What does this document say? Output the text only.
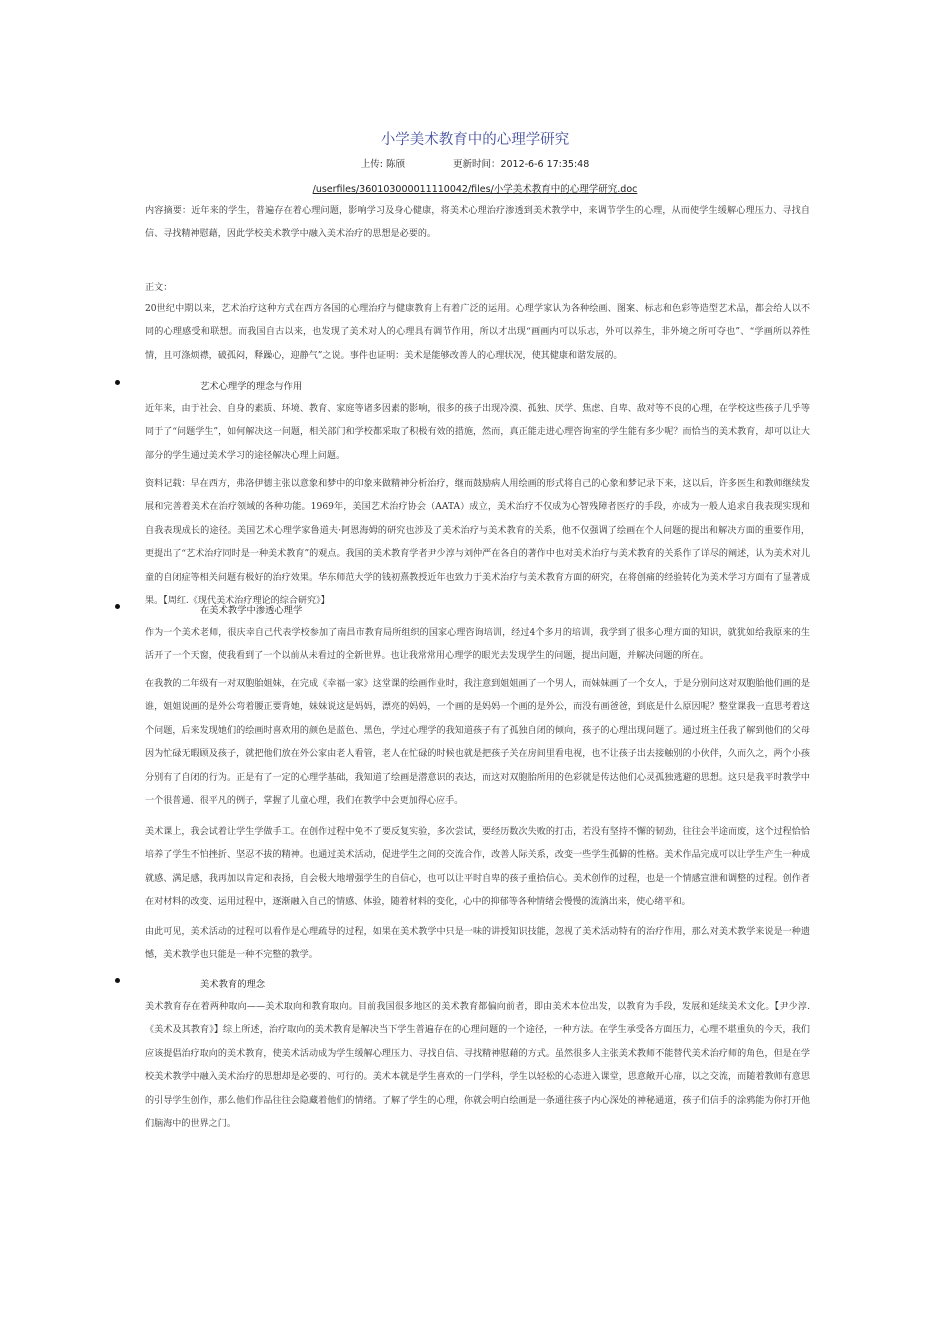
小学美术教育中的心理学研究
上传: 陈颀	更新时间：2012-6-6 17:35:48
/userfiles/360103000011110042/files/小学美术教育中的心理学研究.doc
内容摘要：近年来的学生，普遍存在着心理问题，影响学习及身心健康，将美术心理治疗渗透到美术教学中，来调节学生的心理，从而使学生缓解心理压力、寻找自信、寻找精神慰藉，因此学校美术教学中融入美术治疗的思想是必要的。
正文：
20世纪中期以来，艺术治疗这种方式在西方各国的心理治疗与健康教育上有着广泛的运用。心理学家认为各种绘画、图案、标志和色彩等造型艺术品，都会给人以不同的心理感受和联想。而我国自古以来，也发现了美术对人的心理具有调节作用，所以才出现“画画内可以乐志，外可以养生，非外境之所可夺也”、“学画所以养性情，且可涤烦襟，破孤闷，释躁心，迎静气”之说。事件也证明：美术是能够改善人的心理状况，使其健康和谐发展的。
艺术心理学的理念与作用
近年来，由于社会、自身的素质、环境、教育、家庭等诸多因素的影响，很多的孩子出现冷漠、孤独、厌学、焦虑、自卑、敌对等不良的心理，在学校这些孩子几乎等同于了“问题学生”，如何解决这一问题，相关部门和学校都采取了积极有效的措施，然而，真正能走进心理咨询室的学生能有多少呢？而恰当的美术教育，却可以让大部分的学生通过美术学习的途径解决心理上问题。
资料记载：早在西方，弗洛伊德主张以意象和梦中的印象来做精神分析治疗，继而鼓励病人用绘画的形式将自己的心象和梦记录下来，这以后，许多医生和教师继续发展和完善着美术在治疗领域的各种功能。1969年，美国艺术治疗协会（AATA）成立，美术治疗不仅成为心智残障者医疗的手段，亦成为一般人追求自我表现实现和自我表现成长的途径。美国艺术心理学家鲁道夫·阿恩海姆的研究也涉及了美术治疗与美术教育的关系，他不仅强调了绘画在个人问题的提出和解决方面的重要作用，更提出了“艺术治疗同时是一种美术教育”的观点。我国的美术教育学者尹少淳与刘仲严在各自的著作中也对美术治疗与美术教育的关系作了详尽的阐述，认为美术对儿童的自闭症等相关问题有极好的治疗效果。华东师范大学的钱初熹教授近年也致力于美术治疗与美术教育方面的研究，在将创痛的经验转化为美术学习方面有了显著成果。【周红.《现代美术治疗理论的综合研究》】
在美术教学中渗透心理学
作为一个美术老师，很庆幸自己代表学校参加了南昌市教育局所组织的国家心理咨询培训，经过4个多月的培训，我学到了很多心理方面的知识，就犹如给我原来的生活开了一个天窗，使我看到了一个以前从未看过的全新世界。也让我常常用心理学的眼光去发现学生的问题，提出问题，并解决问题的所在。
在我教的二年级有一对双胞胎姐妹，在完成《幸福一家》这堂课的绘画作业时，我注意到姐姐画了一个男人，而妹妹画了一个女人，于是分别问这对双胞胎他们画的是谁，姐姐说画的是外公弯着腰正要背她，妹妹说这是妈妈，漂亮的妈妈，一个画的是妈妈一个画的是外公，而没有画爸爸，到底是什么原因呢？整堂课我一直思考着这个问题，后来发现她们的绘画时喜欢用的颜色是蓝色、黑色，学过心理学的我知道孩子有了孤独自闭的倾向，孩子的心理出现问题了。通过班主任我了解到他们的父母因为忙碌无暇顾及孩子，就把他们放在外公家由老人看管，老人在忙碌的时候也就是把孩子关在房间里看电视，也不让孩子出去接触别的小伙伴，久而久之，两个小孩分别有了自闭的行为。正是有了一定的心理学基础，我知道了绘画是潜意识的表达，而这对双胞胎所用的色彩就是传达他们心灵孤独逃避的思想。这只是我平时教学中一个很普通、很平凡的例子，掌握了儿童心理，我们在教学中会更加得心应手。
美术课上，我会试着让学生学做手工。在创作过程中免不了要反复实验，多次尝试，要经历数次失败的打击，若没有坚持不懈的韧劲，往往会半途而废，这个过程恰恰培养了学生不怕挫折、坚忍不拔的精神。也通过美术活动，促进学生之间的交流合作，改善人际关系，改变一些学生孤僻的性格。美术作品完成可以让学生产生一种成就感、满足感，我再加以肯定和表扬，自会极大地增强学生的自信心，也可以让平时自卑的孩子重拾信心。美术创作的过程，也是一个情感宣泄和调整的过程。创作者在对材料的改变、运用过程中，逐渐融入自己的情感、体验，随着材料的变化，心中的抑郁等各种情绪会慢慢的流淌出来，使心绪平和。
由此可见，美术活动的过程可以看作是心理疏导的过程，如果在美术教学中只是一味的讲授知识技能，忽视了美术活动特有的治疗作用，那么对美术教学来说是一种遗憾，美术教学也只能是一种不完整的教学。
美术教育的理念
美术教育存在着两种取向——美术取向和教育取向。目前我国很多地区的美术教育都偏向前者，即由美术本位出发，以教育为手段，发展和延续美术文化。【尹少淳.《美术及其教育》】综上所述，治疗取向的美术教育是解决当下学生普遍存在的心理问题的一个途径，一种方法。在学生承受各方面压力，心理不堪重负的今天，我们应该提倡治疗取向的美术教育，使美术活动成为学生缓解心理压力、寻找自信、寻找精神慰藉的方式。虽然很多人主张美术教师不能替代美术治疗师的角色，但是在学校美术教学中融入美术治疗的思想却是必要的、可行的。美术本就是学生喜欢的一门学科，学生以轻松的心态进入课堂，思意敞开心扉，以之交流，而随着教师有意思的引导学生创作，那么他们作品往往会隐藏着他们的情绪。了解了学生的心理，你就会明白绘画是一条通往孩子内心深处的神秘通道，孩子们信手的涂鸦能为你打开他们脑海中的世界之门。
